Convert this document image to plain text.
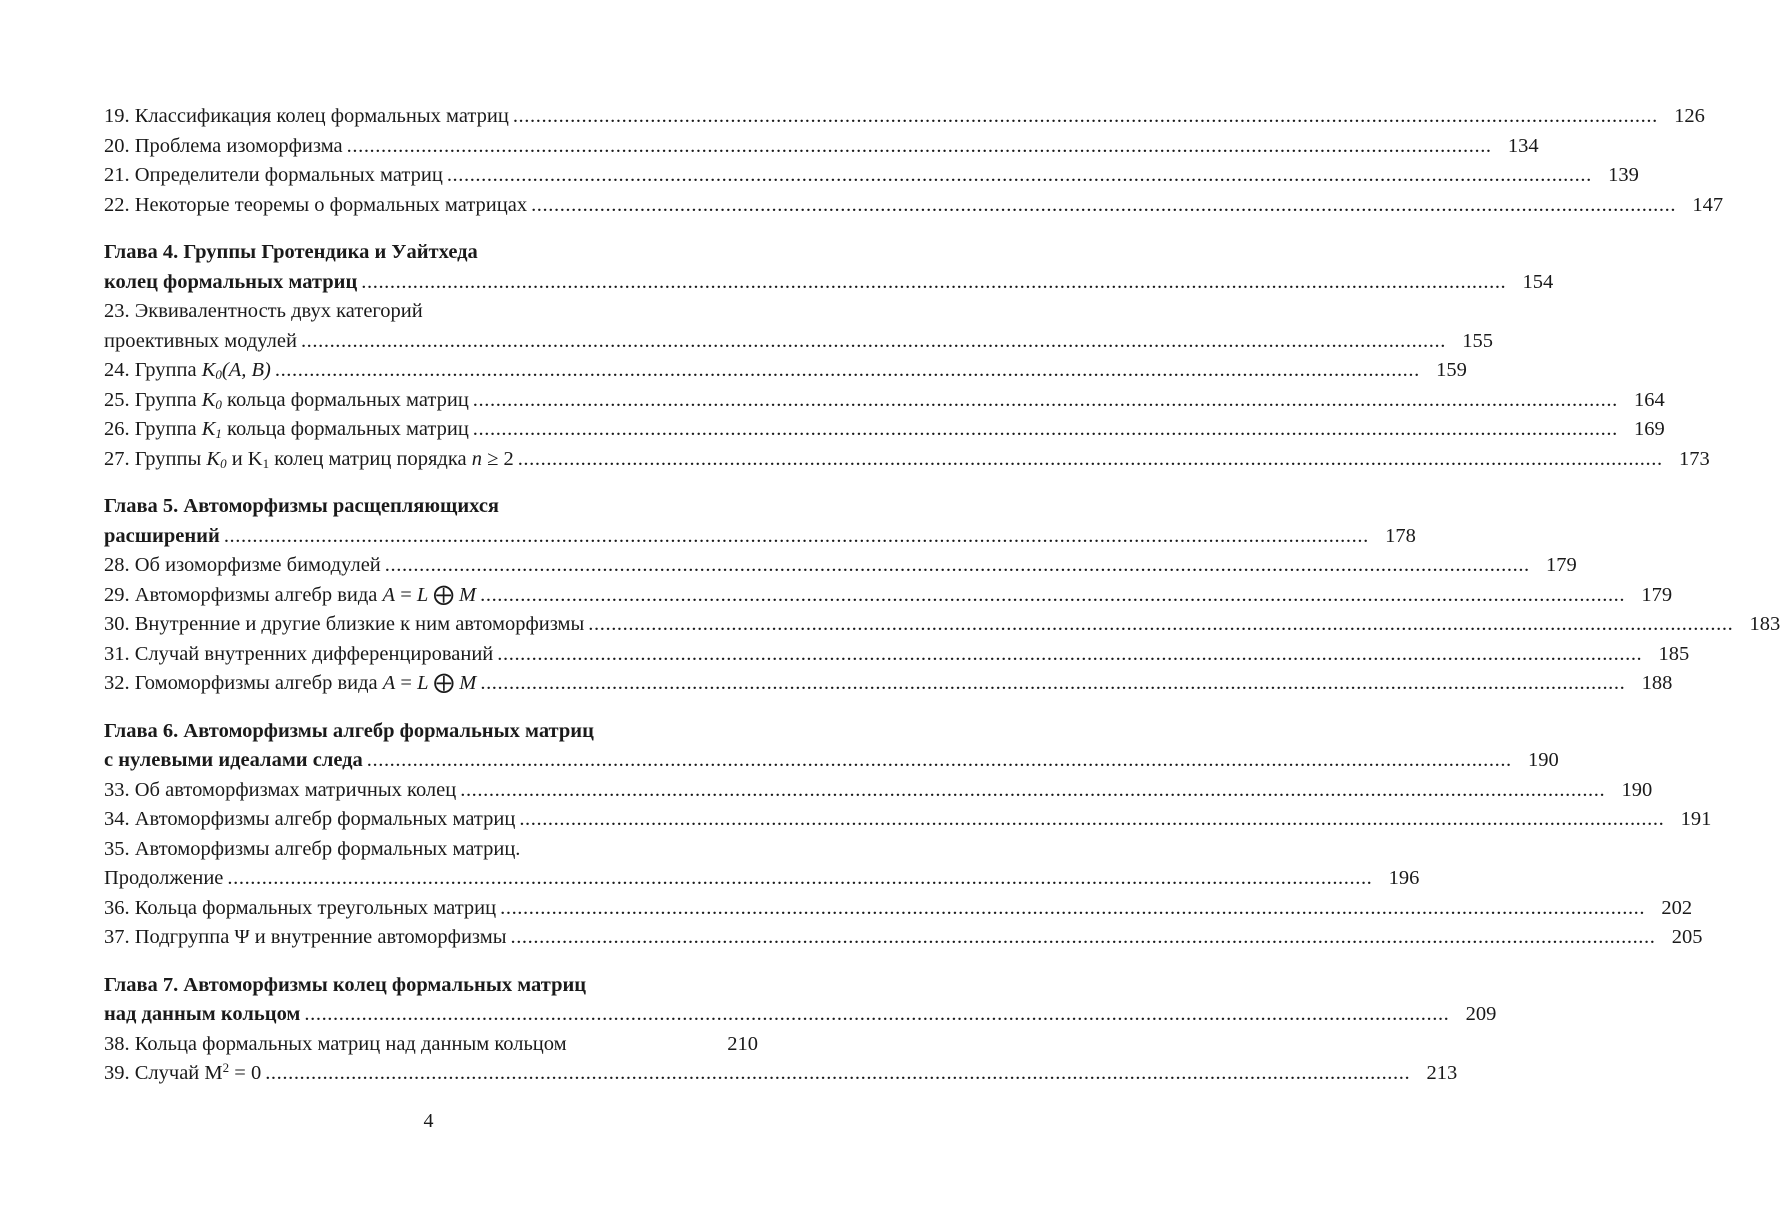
19. Классификация колец формальных матриц ........................................................................................................................................................................................................ 126
20. Проблема изоморфизма ........................................................................................................................................................................................................ 134
21. Определители формальных матриц ........................................................................................................................................................................................................ 139
22. Некоторые теоремы о формальных матрицах ........................................................................................................................................................................................................ 147
Глава 4. Группы Гротендика и Уайтхеда
колец формальных матриц ........................................................................................................................................................................................................ 154
23. Эквивалентность двух категорий
проективных модулей ........................................................................................................................................................................................................ 155
24. Группа $K_0(A$, B) ........................................................................................................................................................................................................ 159
25. Группа $K_0$ кольца формальных матриц ........................................................................................................................................................................................................ 164
26. Группа $K_1$ кольца формальных матриц ........................................................................................................................................................................................................ 169
27. Группы $K_0$ и $K_1$ колец матриц порядка n ≥ 2 ........................................................................................................................................................................................................ 173
Глава 5. Автоморфизмы расщепляющихся
расширений ........................................................................................................................................................................................................ 178
28. Об изоморфизме бимодулей ........................................................................................................................................................................................................ 179
29. Автоморфизмы алгебр вида A = L ⨁ M ........................................................................................................................................................................................................ 179
30. Внутренние и другие близкие к ним автоморфизмы ........................................................................................................................................................................................................ 183
31. Случай внутренних дифференцирований ........................................................................................................................................................................................................ 185
32. Гомоморфизмы алгебр вида A = L ⨁ M ........................................................................................................................................................................................................ 188
Глава 6. Автоморфизмы алгебр формальных матриц
с нулевыми идеалами следа ........................................................................................................................................................................................................ 190
33. Об автоморфизмах матричных колец ........................................................................................................................................................................................................ 190
34. Автоморфизмы алгебр формальных матриц ........................................................................................................................................................................................................ 191
35. Автоморфизмы алгебр формальных матриц.
Продолжение ........................................................................................................................................................................................................ 196
36. Кольца формальных треугольных матриц ........................................................................................................................................................................................................ 202
37. Подгруппа Ψ и внутренние автоморфизмы ........................................................................................................................................................................................................ 205
Глава 7. Автоморфизмы колец формальных матриц
над данным кольцом ........................................................................................................................................................................................................ 209
38. Кольца формальных матриц над данным кольцом	210
39. Случай $M^2 = 0$ ........................................................................................................................................................................................................ 213
4
